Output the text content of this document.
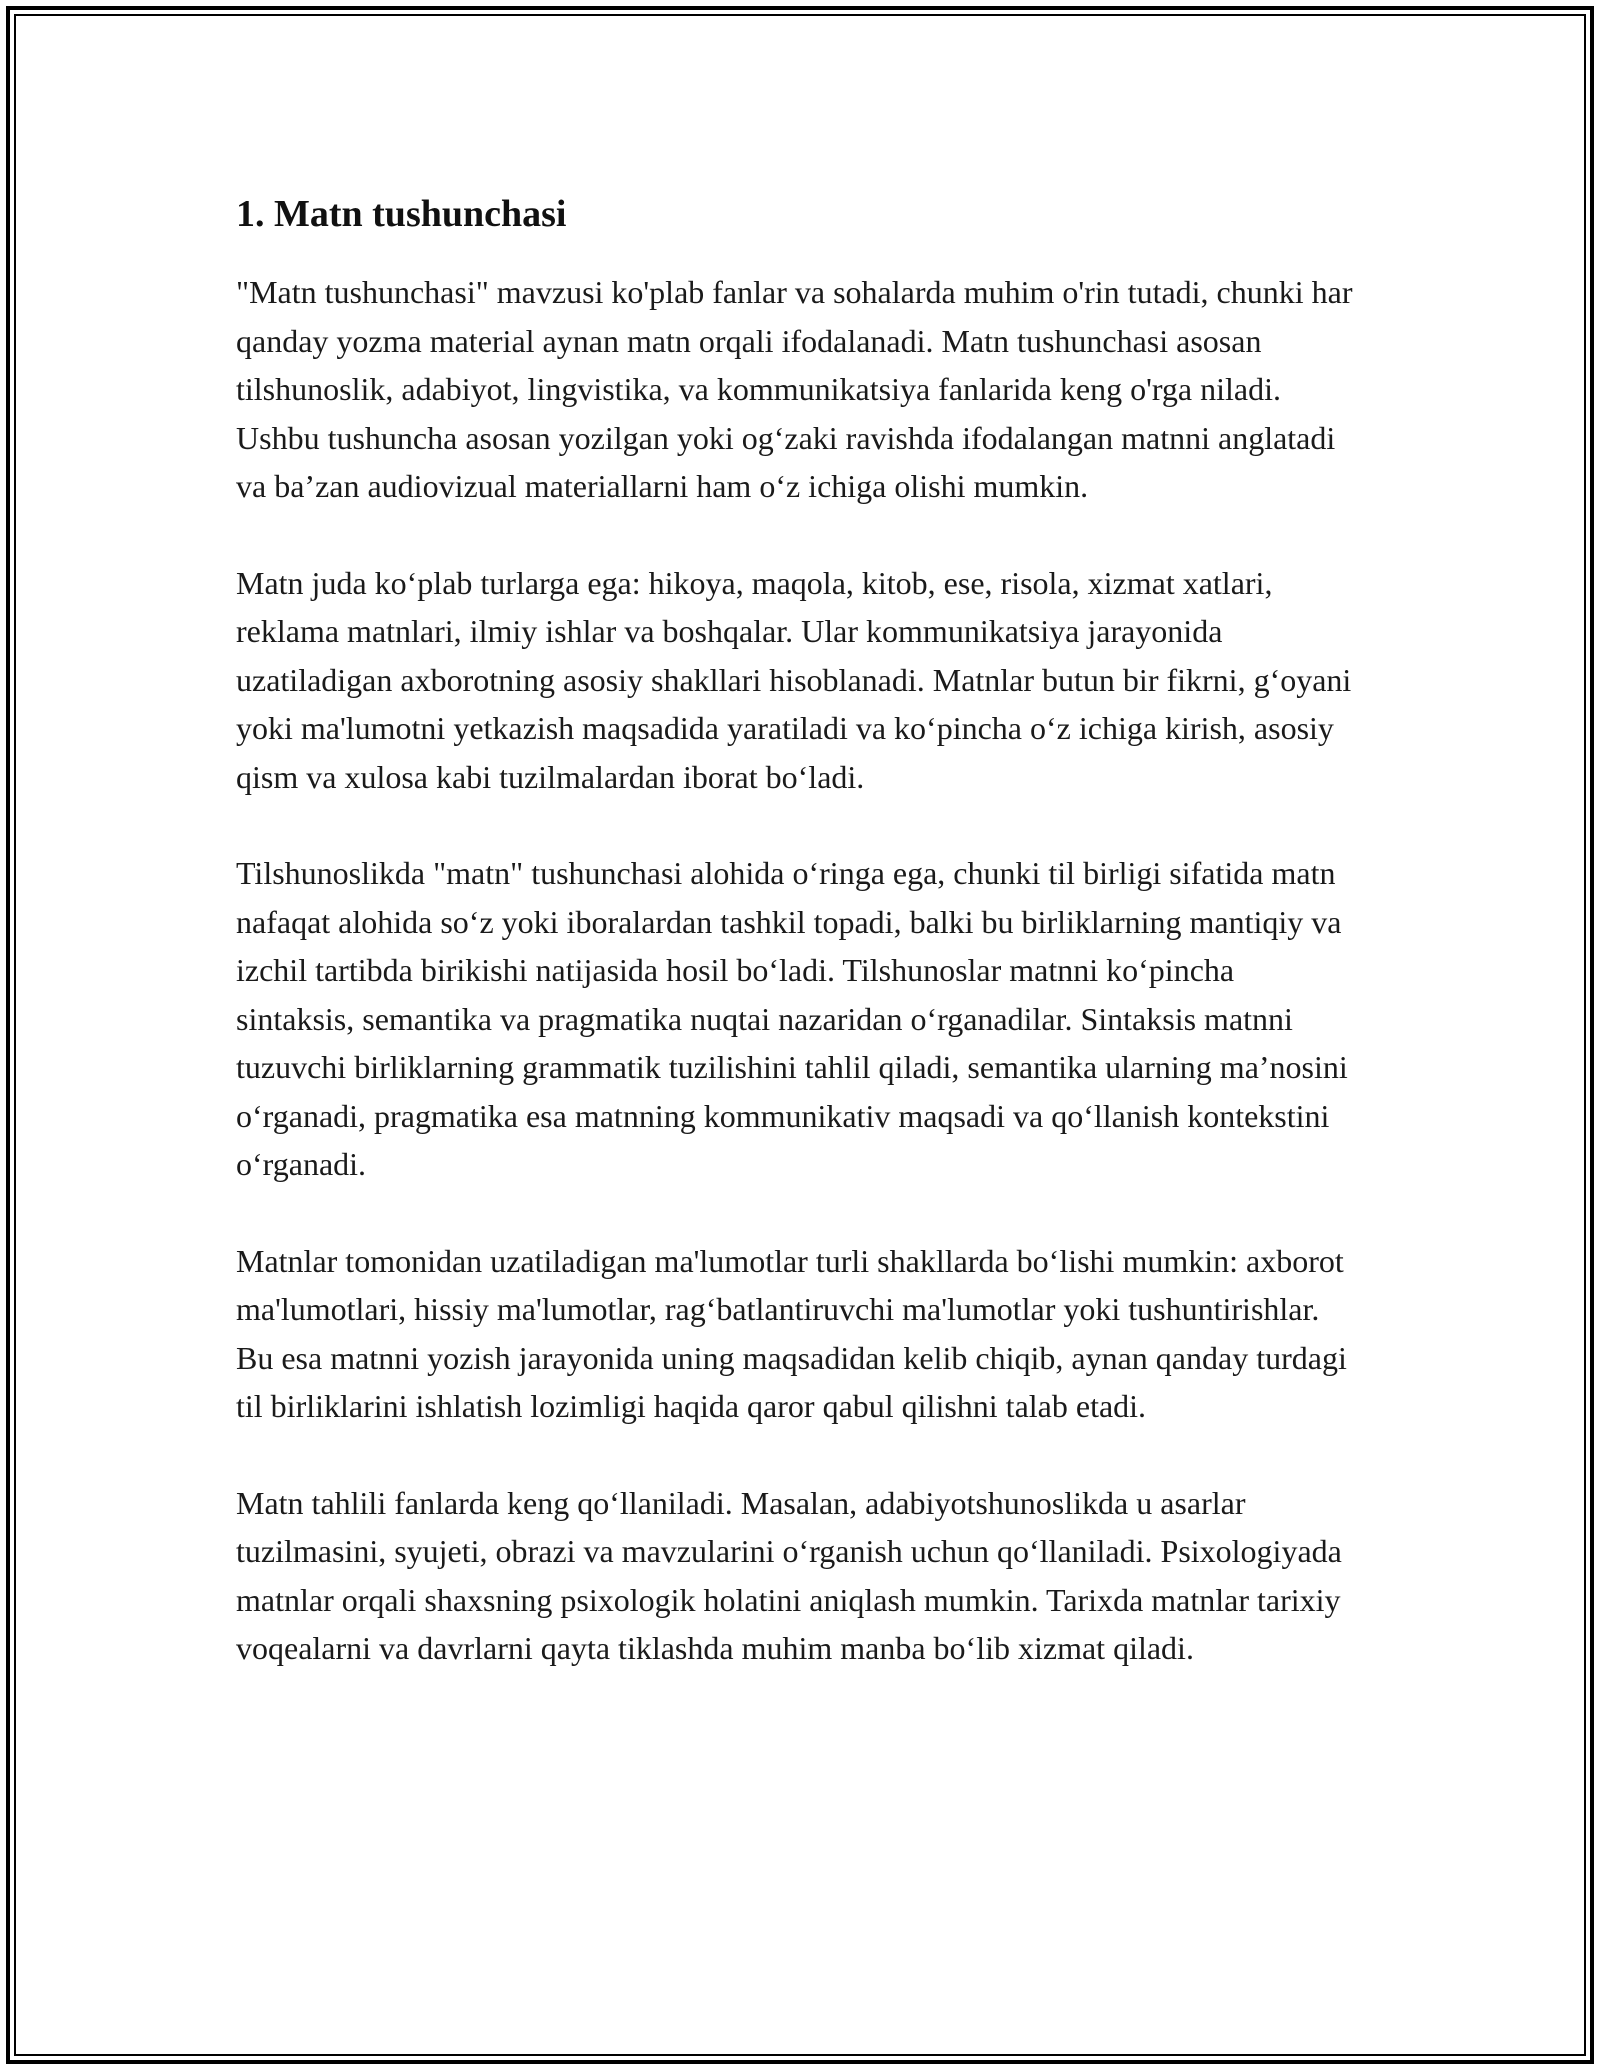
1. Matn tushunchasi

"Matn tushunchasi" mavzusi ko'plab fanlar va sohalarda muhim o'rin tutadi, chunki har qanday yozma material aynan matn orqali ifodalanadi. Matn tushunchasi asosan tilshunoslik, adabiyot, lingvistika, va kommunikatsiya fanlarida keng o'rga niladi. Ushbu tushuncha asosan yozilgan yoki ogʻzaki ravishda ifodalangan matnni anglatadi va baʼzan audiovizual materiallarni ham oʻz ichiga olishi mumkin.

Matn juda koʻplab turlarga ega: hikoya, maqola, kitob, ese, risola, xizmat xatlari, reklama matnlari, ilmiy ishlar va boshqalar. Ular kommunikatsiya jarayonida uzatiladigan axborotning asosiy shakllari hisoblanadi. Matnlar butun bir fikrni, gʻoyani yoki ma'lumotni yetkazish maqsadida yaratiladi va koʻpincha oʻz ichiga kirish, asosiy qism va xulosa kabi tuzilmalardan iborat boʻladi.

Tilshunoslikda "matn" tushunchasi alohida oʻringa ega, chunki til birligi sifatida matn nafaqat alohida soʻz yoki iboralardan tashkil topadi, balki bu birliklarning mantiqiy va izchil tartibda birikishi natijasida hosil boʻladi. Tilshunoslar matnni koʻpincha sintaksis, semantika va pragmatika nuqtai nazaridan oʻrganadilar. Sintaksis matnni tuzuvchi birliklarning grammatik tuzilishini tahlil qiladi, semantika ularning maʼnosini oʻrganadi, pragmatika esa matnning kommunikativ maqsadi va qoʻllanish kontekstini oʻrganadi.

Matnlar tomonidan uzatiladigan ma'lumotlar turli shakllarda boʻlishi mumkin: axborot ma'lumotlari, hissiy ma'lumotlar, ragʻbatlantiruvchi ma'lumotlar yoki tushuntirishlar. Bu esa matnni yozish jarayonida uning maqsadidan kelib chiqib, aynan qanday turdagi til birliklarini ishlatish lozimligi haqida qaror qabul qilishni talab etadi.

Matn tahlili fanlarda keng qoʻllaniladi. Masalan, adabiyotshunoslikda u asarlar tuzilmasini, syujeti, obrazi va mavzularini oʻrganish uchun qoʻllaniladi. Psixologiyada matnlar orqali shaxsning psixologik holatini aniqlash mumkin. Tarixda matnlar tarixiy voqealarni va davrlarni qayta tiklashda muhim manba boʻlib xizmat qiladi.
